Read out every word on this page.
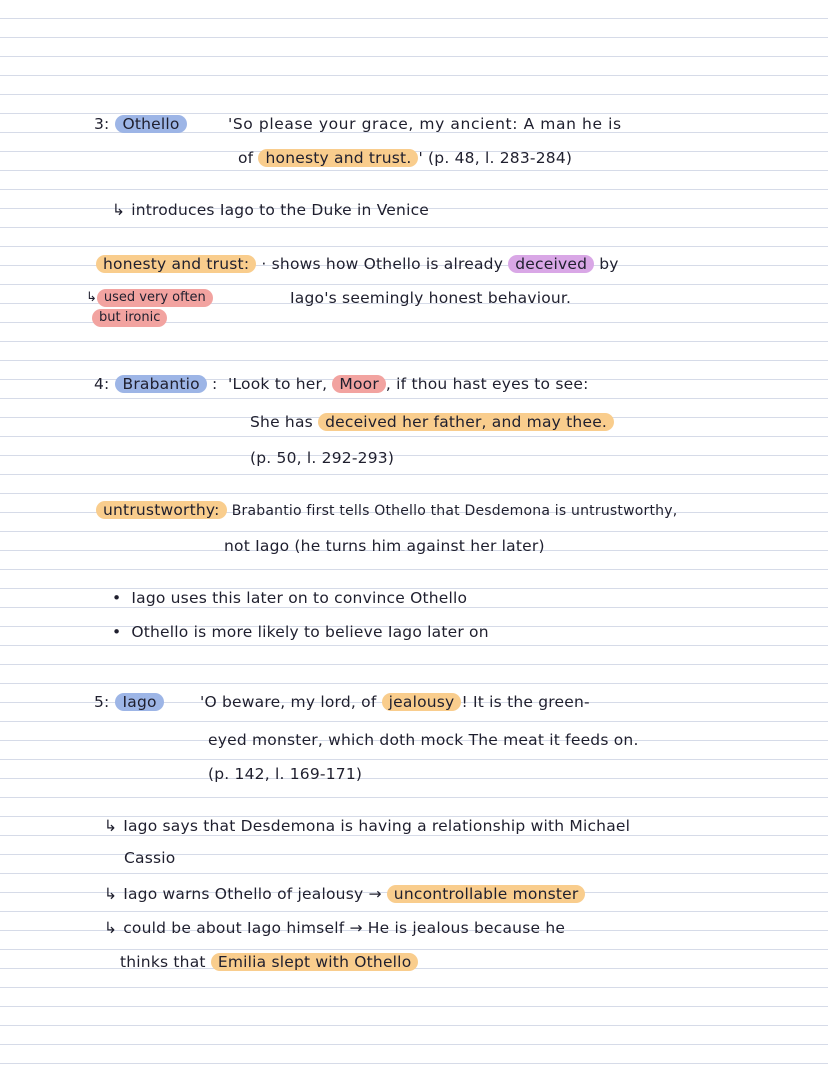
3: Othello	'So please your grace, my ancient: A man he is
of honesty and trust. ' (p. 48, l. 283-284)
↳ introduces Iago to the Duke in Venice
honesty and trust: · shows how Othello is already deceived by
Iago's seemingly honest behaviour.
↳ used very often
but ironic
4: Brabantio : 'Look to her, Moor , if thou hast eyes to see:
She has deceived her father, and may thee.
(p. 50, l. 292-293)
untrustworthy: Brabantio first tells Othello that Desdemona is untrustworthy,
not Iago (he turns him against her later)
• Iago uses this later on to convince Othello
• Othello is more likely to believe Iago later on
5: Iago	'O beware, my lord, of jealousy ! It is the green-
eyed monster, which doth mock The meat it feeds on.
(p. 142, l. 169-171)
↳ Iago says that Desdemona is having a relationship with Michael
Cassio
↳ Iago warns Othello of jealousy → uncontrollable monster
↳ could be about Iago himself → He is jealous because he
thinks that Emilia slept with Othello
